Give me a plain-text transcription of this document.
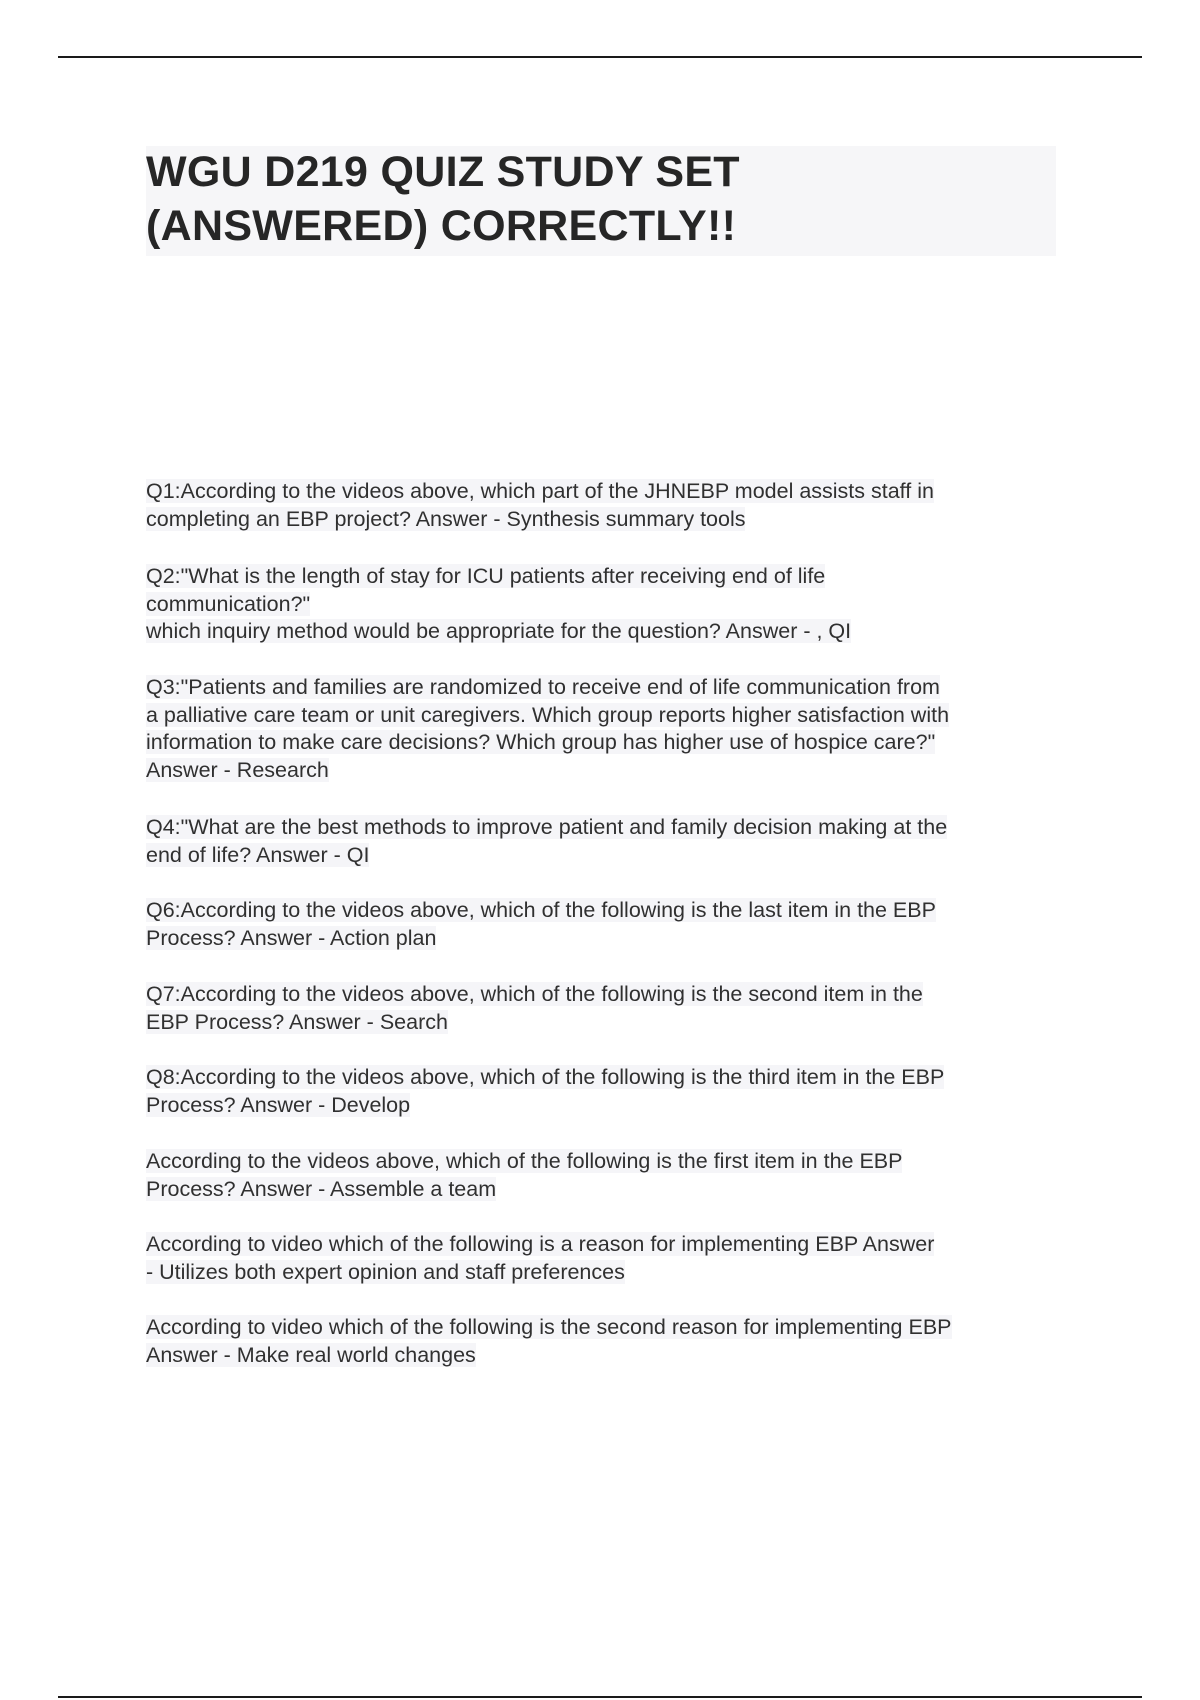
WGU D219 QUIZ STUDY SET
(ANSWERED) CORRECTLY!!
Q1:According to the videos above, which part of the JHNEBP model assists staff in
completing an EBP project? Answer - Synthesis summary tools
Q2:"What is the length of stay for ICU patients after receiving end of life
communication?"
which inquiry method would be appropriate for the question? Answer - , QI
Q3:"Patients and families are randomized to receive end of life communication from
a palliative care team or unit caregivers. Which group reports higher satisfaction with
information to make care decisions? Which group has higher use of hospice care?"
Answer - Research
Q4:"What are the best methods to improve patient and family decision making at the
end of life? Answer - QI
Q6:According to the videos above, which of the following is the last item in the EBP
Process? Answer - Action plan
Q7:According to the videos above, which of the following is the second item in the
EBP Process? Answer - Search
Q8:According to the videos above, which of the following is the third item in the EBP
Process? Answer - Develop
According to the videos above, which of the following is the first item in the EBP
Process? Answer - Assemble a team
According to video which of the following is a reason for implementing EBP Answer
- Utilizes both expert opinion and staff preferences
According to video which of the following is the second reason for implementing EBP
Answer - Make real world changes
